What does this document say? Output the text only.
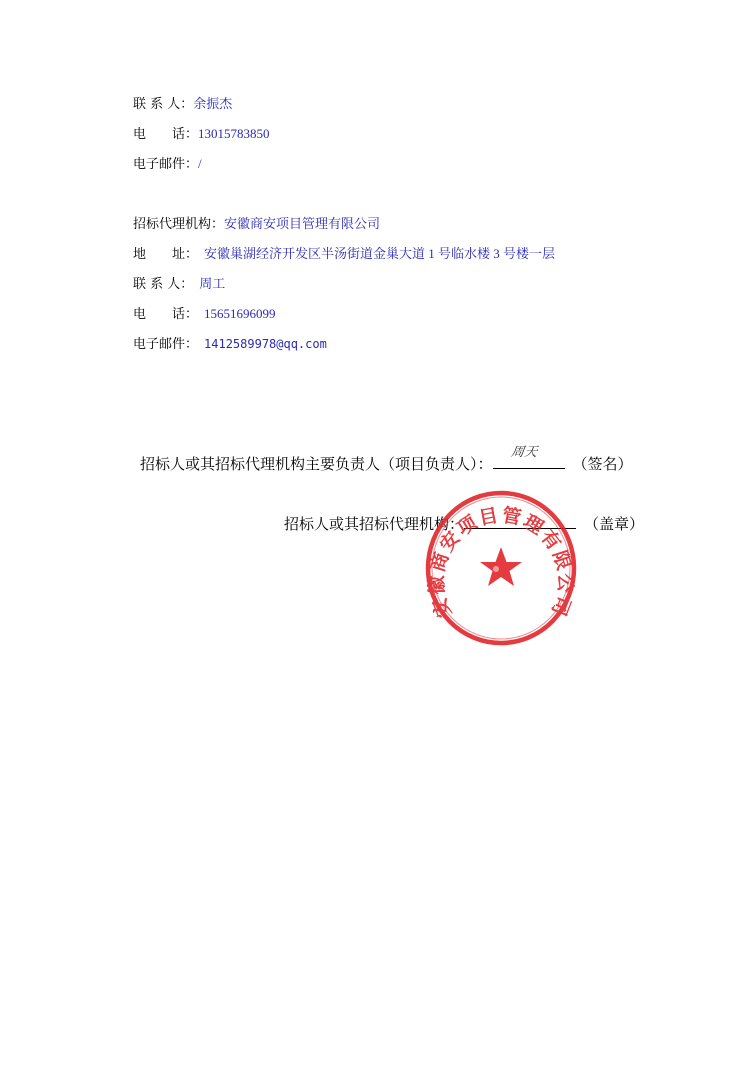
联 系 人：余振杰
电　　话：13015783850
电子邮件：/
招标代理机构：安徽商安项目管理有限公司
地　　址： 安徽巢湖经济开发区半汤街道金巢大道 1 号临水楼 3 号楼一层
联 系 人： 周工
电　　话： 15651696099
电子邮件： 1412589978@qq.com
招标人或其招标代理机构主要负责人（项目负责人）：
周天
（签名）
招标人或其招标代理机构：	（盖章）
安徽商安项目管理有限公司
